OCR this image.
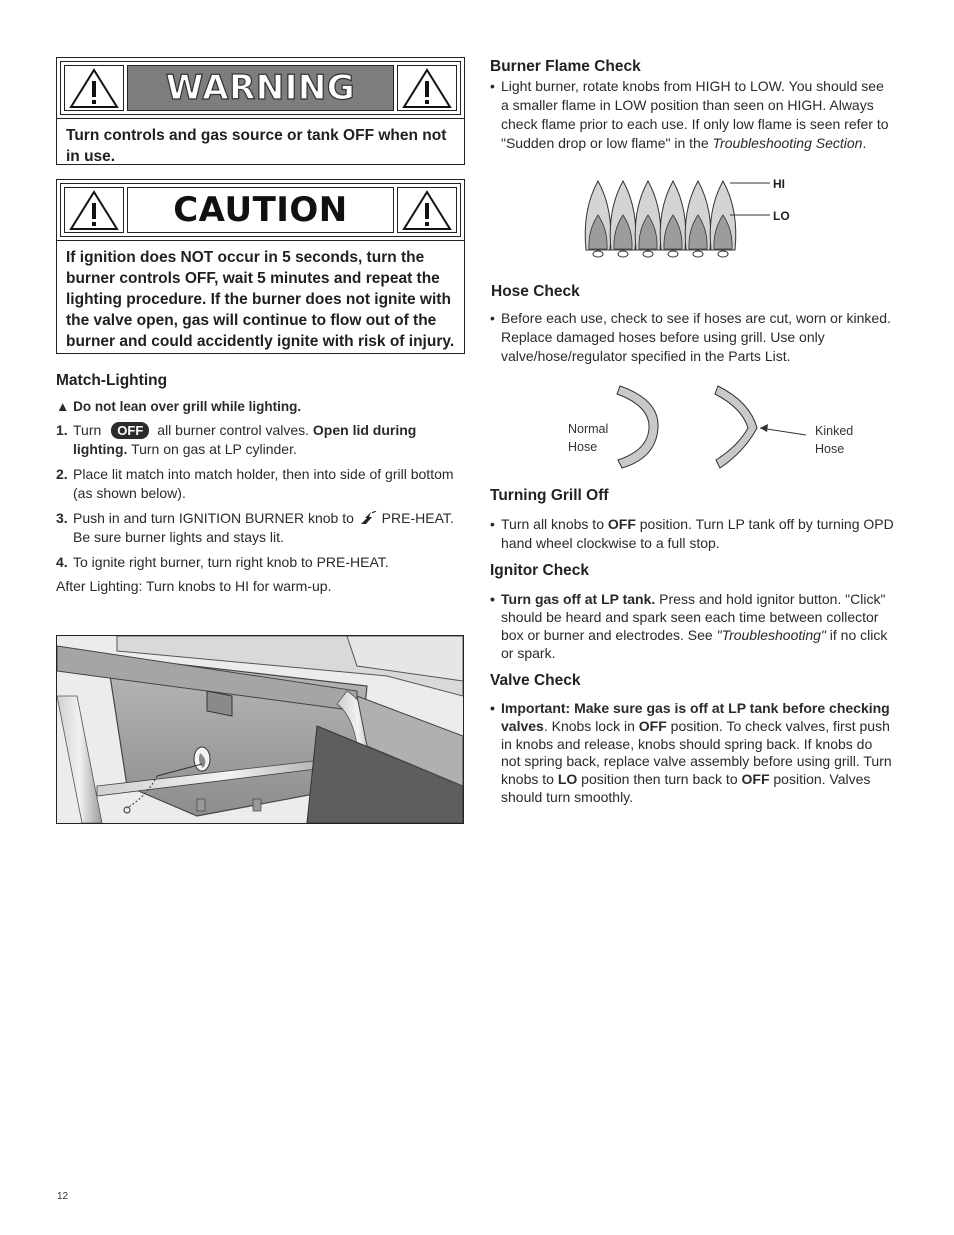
WARNING

Turn controls and gas source or tank OFF when not in use.

CAUTION

If ignition does NOT occur in 5 seconds, turn the burner controls OFF, wait 5 minutes and repeat the lighting procedure. If the burner does not ignite with the valve open, gas will continue to flow out of the burner and could accidently ignite with risk of injury.

Match-Lighting
▲ Do not lean over grill while lighting.
1. Turn OFF all burner control valves. Open lid during lighting. Turn on gas at LP cylinder.
2. Place lit match into match holder, then into side of grill bottom (as shown below).
3. Push in and turn IGNITION BURNER knob to PRE-HEAT. Be sure burner lights and stays lit.
4. To ignite right burner, turn right knob to PRE-HEAT.
After Lighting: Turn knobs to HI for warm-up.
Burner Flame Check
• Light burner, rotate knobs from HIGH to LOW. You should see a smaller flame in LOW position than seen on HIGH. Always check flame prior to each use. If only low flame is seen refer to "Sudden drop or low flame" in the Troubleshooting Section.
HI
LO
Hose Check
• Before each use, check to see if hoses are cut, worn or kinked. Replace damaged hoses before using grill. Use only valve/hose/regulator specified in the Parts List.
Normal
Hose
Kinked
Hose
Turning Grill Off
• Turn all knobs to OFF position. Turn LP tank off by turning OPD hand wheel clockwise to a full stop.
Ignitor Check
• Turn gas off at LP tank. Press and hold ignitor button. "Click" should be heard and spark seen each time between collector box or burner and electrodes. See "Troubleshooting" if no click or spark.
Valve Check
• Important: Make sure gas is off at LP tank before checking valves. Knobs lock in OFF position. To check valves, first push in knobs and release, knobs should spring back. If knobs do not spring back, replace valve assembly before using grill. Turn knobs to LO position then turn back to OFF position. Valves should turn smoothly.
12
